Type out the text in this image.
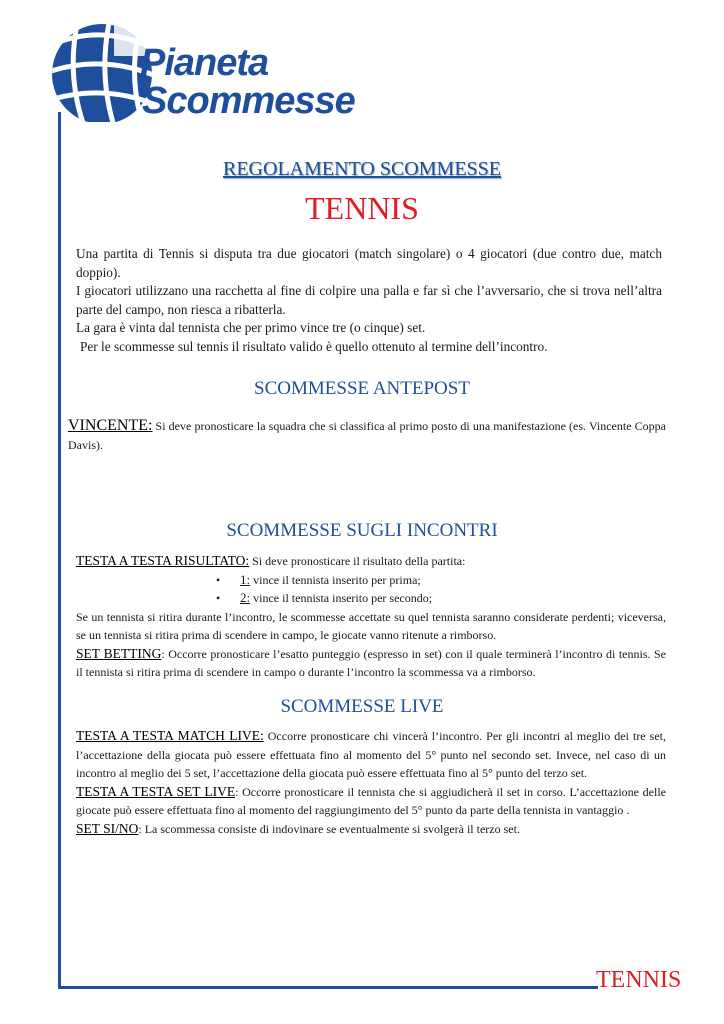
Pianeta
Scommesse
REGOLAMENTO SCOMMESSE
TENNIS

Una partita di Tennis si disputa tra due giocatori (match singolare) o 4 giocatori (due contro due, match doppio).

I giocatori utilizzano una racchetta al fine di colpire una palla e far sì che l’avversario, che si trova nell’altra parte del campo, non riesca a ribatterla.

La gara è vinta dal tennista che per primo vince tre (o cinque) set.

Per le scommesse sul tennis il risultato valido è quello ottenuto al termine dell’incontro.

SCOMMESSE ANTEPOST

VINCENTE: Si deve pronosticare la squadra che si classifica al primo posto di una manifestazione (es. Vincente Coppa Davis).

SCOMMESSE SUGLI INCONTRI

TESTA A TESTA RISULTATO: Si deve pronosticare il risultato della partita:

• 1: vince il tennista inserito per prima;
• 2: vince il tennista inserito per secondo;

Se un tennista si ritira durante l’incontro, le scommesse accettate su quel tennista saranno considerate perdenti; viceversa, se un tennista si ritira prima di scendere in campo, le giocate vanno ritenute a rimborso.

SET BETTING: Occorre pronosticare l’esatto punteggio (espresso in set) con il quale terminerà l’incontro di tennis. Se il tennista si ritira prima di scendere in campo o durante l’incontro la scommessa va a rimborso.

SCOMMESSE LIVE

TESTA A TESTA MATCH LIVE: Occorre pronosticare chi vincerà l’incontro. Per gli incontri al meglio dei tre set, l’accettazione della giocata può essere effettuata fino al momento del 5° punto nel secondo set. Invece, nel caso di un incontro al meglio dei 5 set, l’accettazione della giocata può essere effettuata fino al 5° punto del terzo set.

TESTA A TESTA SET LIVE: Occorre pronosticare il tennista che si aggiudicherà il set in corso. L’accettazione delle giocate può essere effettuata fino al momento del raggiungimento del 5° punto da parte della tennista in vantaggio .

SET SI/NO: La scommessa consiste di indovinare se eventualmente si svolgerà il terzo set.

TENNIS
